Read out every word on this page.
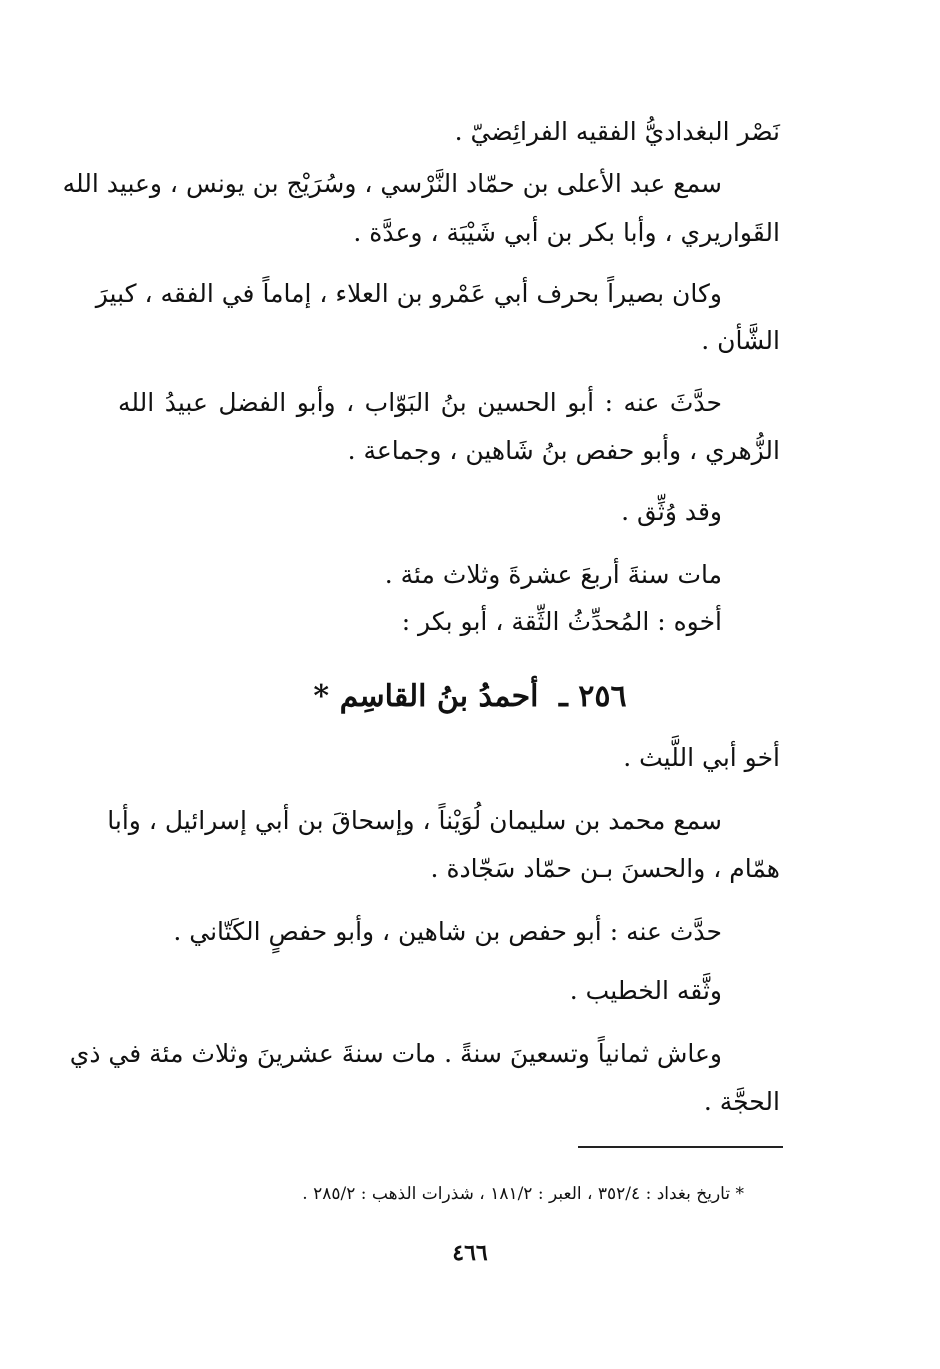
نَصْر البغداديُّ الفقيه الفرائِضيّ .
سمع عبد الأعلى بن حمّاد النَّرْسي ، وسُرَيْج بن يونس ، وعبيد الله
القَواريري ، وأبا بكر بن أبي شَيْبَة ، وعدَّة .
وكان بصيراً بحرف أبي عَمْرو بن العلاء ، إماماً في الفقه ، كبيرَ
الشَّأن .
حدَّثَ عنه : أبو الحسين بنُ البَوّاب ، وأبو الفضل عبيدُ الله
الزُّهري ، وأبو حفص بنُ شَاهين ، وجماعة .
وقد وُثِّق .
مات سنةَ أربعَ عشرةَ وثلاث مئة .
أخوه : المُحدِّثُ الثِّقة ، أبو بكر :
٢٥٦ ـ أحمدُ بنُ القاسِم *
أخو أبي اللَّيث .
سمع محمد بن سليمان لُوَيْناً ، وإسحاقَ بن أبي إسرائيل ، وأبا
همّام ، والحسنَ بـن حمّاد سَجّادة .
حدَّث عنه : أبو حفص بن شاهين ، وأبو حفصٍ الكَتّاني .
وثَّقه الخطيب .
وعاش ثمانياً وتسعينَ سنةً . مات سنةَ عشرينَ وثلاث مئة في ذي
الحجَّة .
* تاريخ بغداد : ٣٥٢/٤ ، العبر : ١٨١/٢ ، شذرات الذهب : ٢٨٥/٢ .
٤٦٦
